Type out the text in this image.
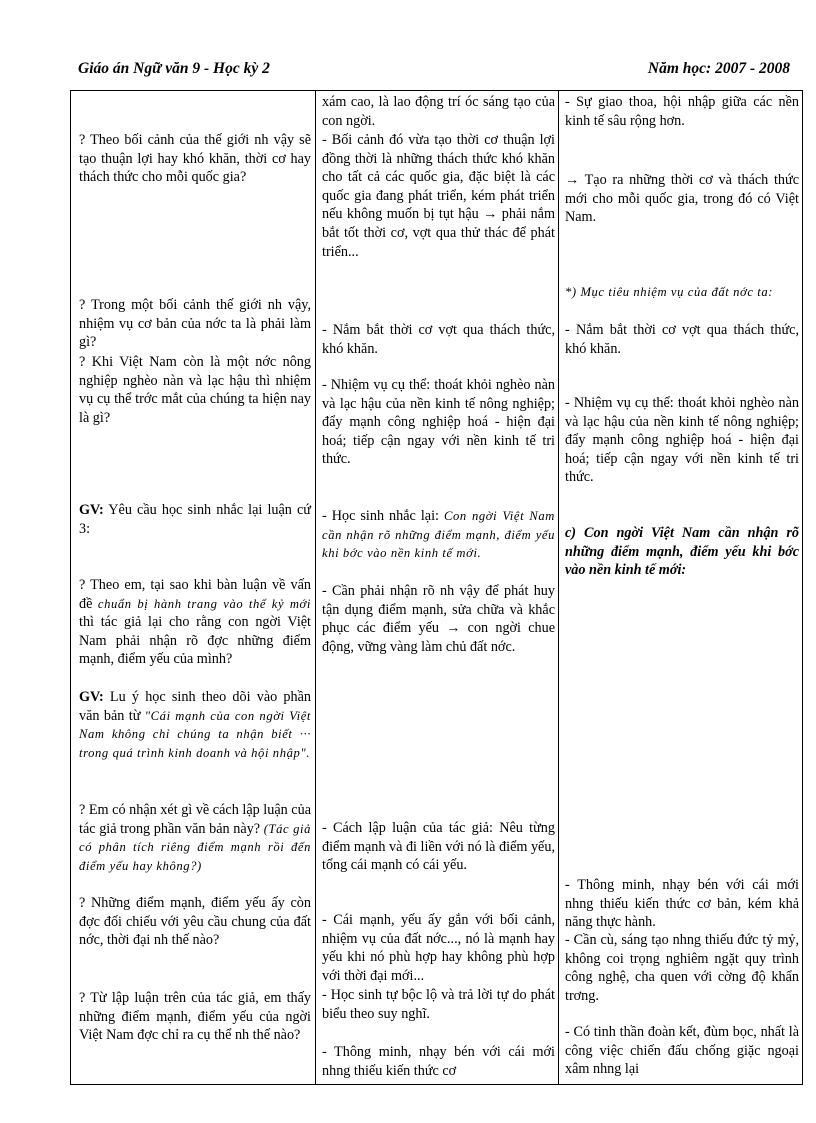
Giáo án Ngữ văn 9 - Học kỳ 2	Năm học: 2007 - 2008

? Theo bối cảnh của thế giới nh vậy sẽ tạo thuận lợi hay khó khăn, thời cơ hay thách thức cho mỗi quốc gia?

? Trong một bối cảnh thế giới nh vậy, nhiệm vụ cơ bản của nớc ta là phải làm gì?

? Khi Việt Nam còn là một nớc nông nghiệp nghèo nàn và lạc hậu thì nhiệm vụ cụ thể trớc mắt của chúng ta hiện nay là gì?

GV: Yêu cầu học sinh nhắc lại luận cứ 3:

? Theo em, tại sao khi bàn luận về vấn đề chuẩn bị hành trang vào thế kỷ mới thì tác giả lại cho rằng con ngời Việt Nam phải nhận rõ đợc những điểm mạnh, điểm yếu của mình?

GV: Lu ý học sinh theo dõi vào phần văn bản từ "Cái mạnh của con ngời Việt Nam không chỉ chúng ta nhận biết ··· trong quá trình kinh doanh và hội nhập".

? Em có nhận xét gì về cách lập luận của tác giả trong phần văn bản này? (Tác giả có phân tích riêng điểm mạnh rồi đến điểm yếu hay không?)

? Những điểm mạnh, điểm yếu ấy còn đợc đối chiếu với yêu cầu chung của đất nớc, thời đại nh thế nào?

? Từ lập luận trên của tác giả, em thấy những điểm mạnh, điểm yếu của ngời Việt Nam đợc chỉ ra cụ thể nh thế nào?

xám cao, là lao động trí óc sáng tạo của con ngời.

- Bối cảnh đó vừa tạo thời cơ thuận lợi đồng thời là những thách thức khó khăn cho tất cả các quốc gia, đặc biệt là các quốc gia đang phát triển, kém phát triển nếu không muốn bị tụt hậu → phải nắm bắt tốt thời cơ, vợt qua thử thác để phát triển...

- Nắm bắt thời cơ vợt qua thách thức, khó khăn.

- Nhiệm vụ cụ thể: thoát khỏi nghèo nàn và lạc hậu của nền kinh tế nông nghiệp; đẩy mạnh công nghiệp hoá - hiện đại hoá; tiếp cận ngay với nền kinh tế tri thức.

- Học sinh nhắc lại: Con ngời Việt Nam cần nhận rõ những điểm mạnh, điểm yếu khi bớc vào nền kinh tế mới.

- Cần phải nhận rõ nh vậy để phát huy tận dụng điểm mạnh, sửa chữa và khắc phục các điểm yếu → con ngời chue động, vững vàng làm chủ đất nớc.

- Cách lập luận của tác giả: Nêu từng điểm mạnh và đi liền với nó là điểm yếu, tổng cái mạnh có cái yếu.

- Cái mạnh, yếu ấy gắn với bối cảnh, nhiệm vụ của đất nớc..., nó là mạnh hay yếu khi nó phù hợp hay không phù hợp với thời đại mới...

- Học sinh tự bộc lộ và trả lời tự do phát biểu theo suy nghĩ.

- Thông minh, nhạy bén với cái mới nhng thiếu kiến thức cơ

- Sự giao thoa, hội nhập giữa các nền kinh tế sâu rộng hơn.

→ Tạo ra những thời cơ và thách thức mới cho mỗi quốc gia, trong đó có Việt Nam.

*) Mục tiêu nhiệm vụ của đất nớc ta:

- Nắm bắt thời cơ vợt qua thách thức, khó khăn.

- Nhiệm vụ cụ thể: thoát khỏi nghèo nàn và lạc hậu của nền kinh tế nông nghiệp; đẩy mạnh công nghiệp hoá - hiện đại hoá; tiếp cận ngay với nền kinh tế tri thức.

c) Con ngời Việt Nam cần nhận rõ những điểm mạnh, điểm yếu khi bớc vào nền kinh tế mới:

- Thông minh, nhạy bén với cái mới nhng thiếu kiến thức cơ bản, kém khả năng thực hành.

- Cần cù, sáng tạo nhng thiếu đức tỷ mỷ, không coi trọng nghiêm ngặt quy trình công nghệ, cha quen với cờng độ khẩn trơng.

- Có tinh thần đoàn kết, đùm bọc, nhất là công việc chiến đấu chống giặc ngoại xâm nhng lại
